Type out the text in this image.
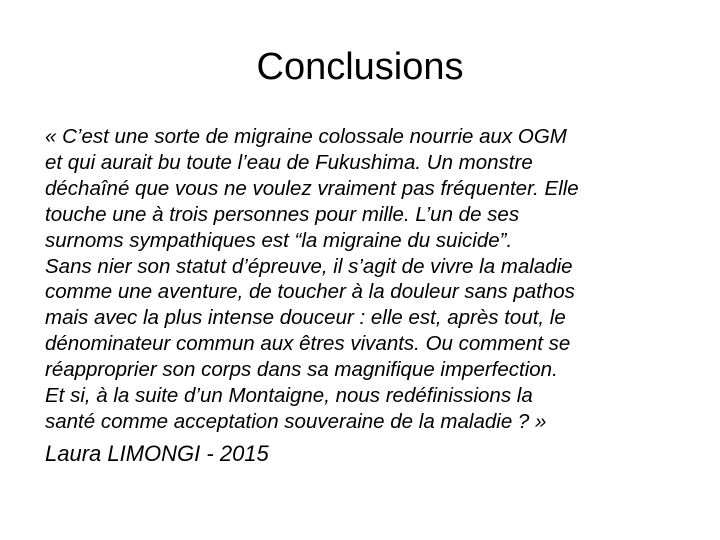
Conclusions
« C’est une sorte de migraine colossale nourrie aux OGM
et qui aurait bu toute l’eau de Fukushima. Un monstre
déchaîné que vous ne voulez vraiment pas fréquenter. Elle
touche une à trois personnes pour mille. L’un de ses
surnoms sympathiques est “la migraine du suicide”.
Sans nier son statut d’épreuve, il s’agit de vivre la maladie
comme une aventure, de toucher à la douleur sans pathos
mais avec la plus intense douceur : elle est, après tout, le
dénominateur commun aux êtres vivants. Ou comment se
réapproprier son corps dans sa magnifique imperfection.
Et si, à la suite d’un Montaigne, nous redéfinissions la
santé comme acceptation souveraine de la maladie ? »
Laura LIMONGI - 2015
